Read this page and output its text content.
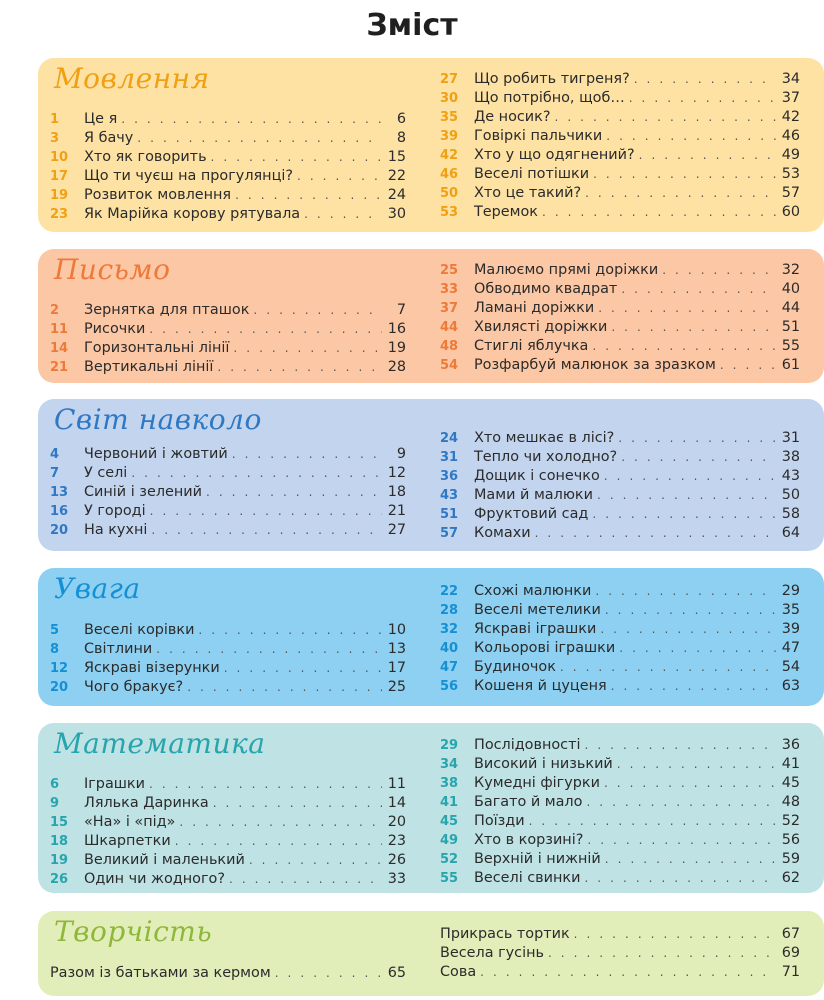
Зміст
Мовлення
1	Це я . . .	6
3	Я бачу . . .	8
10	Хто як говорить . . .	15
17	Що ти чуєш на прогулянці? . . .	22
19	Розвиток мовлення . . .	24
23	Як Марійка корову рятувала . . .	30
27	Що робить тигреня? . . .	34
30	Що потрібно, щоб… . . .	37
35	Де носик? . . .	42
39	Говіркі пальчики . . .	46
42	Хто у що одягнений? . . .	49
46	Веселі потішки . . .	53
50	Хто це такий? . . .	57
53	Теремок . . .	60
Письмо
2	Зернятка для пташок . . .	7
11	Рисочки . . .	16
14	Горизонтальні лінії . . .	19
21	Вертикальні лінії . . .	28
25	Малюємо прямі доріжки . . .	32
33	Обводимо квадрат . . .	40
37	Ламані доріжки . . .	44
44	Хвилясті доріжки . . .	51
48	Стиглі яблучка . . .	55
54	Розфарбуй малюнок за зразком . . .	61
Світ навколо
4	Червоний і жовтий . . .	9
7	У селі . . .	12
13	Синій і зелений . . .	18
16	У городі . . .	21
20	На кухні . . .	27
24	Хто мешкає в лісі? . . .	31
31	Тепло чи холодно? . . .	38
36	Дощик і сонечко . . .	43
43	Мами й малюки . . .	50
51	Фруктовий сад . . .	58
57	Комахи . . .	64
Увага
5	Веселі корівки . . .	10
8	Світлини . . .	13
12	Яскраві візерунки . . .	17
20	Чого бракує? . . .	25
22	Схожі малюнки . . .	29
28	Веселі метелики . . .	35
32	Яскраві іграшки . . .	39
40	Кольорові іграшки . . .	47
47	Будиночок . . .	54
56	Кошеня й цуценя . . .	63
Математика
6	Іграшки . . .	11
9	Лялька Даринка . . .	14
15	«На» і «під» . . .	20
18	Шкарпетки . . .	23
19	Великий і маленький . . .	26
26	Один чи жодного? . . .	33
29	Послідовності . . .	36
34	Високий і низький . . .	41
38	Кумедні фігурки . . .	45
41	Багато й мало . . .	48
45	Поїзди . . .	52
49	Хто в корзині? . . .	56
52	Верхній і нижній . . .	59
55	Веселі свинки . . .	62
Творчість
Разом із батьками за кермом . . .	65
Прикрась тортик . . .	67
Весела гусінь . . .	69
Сова . . .	71
